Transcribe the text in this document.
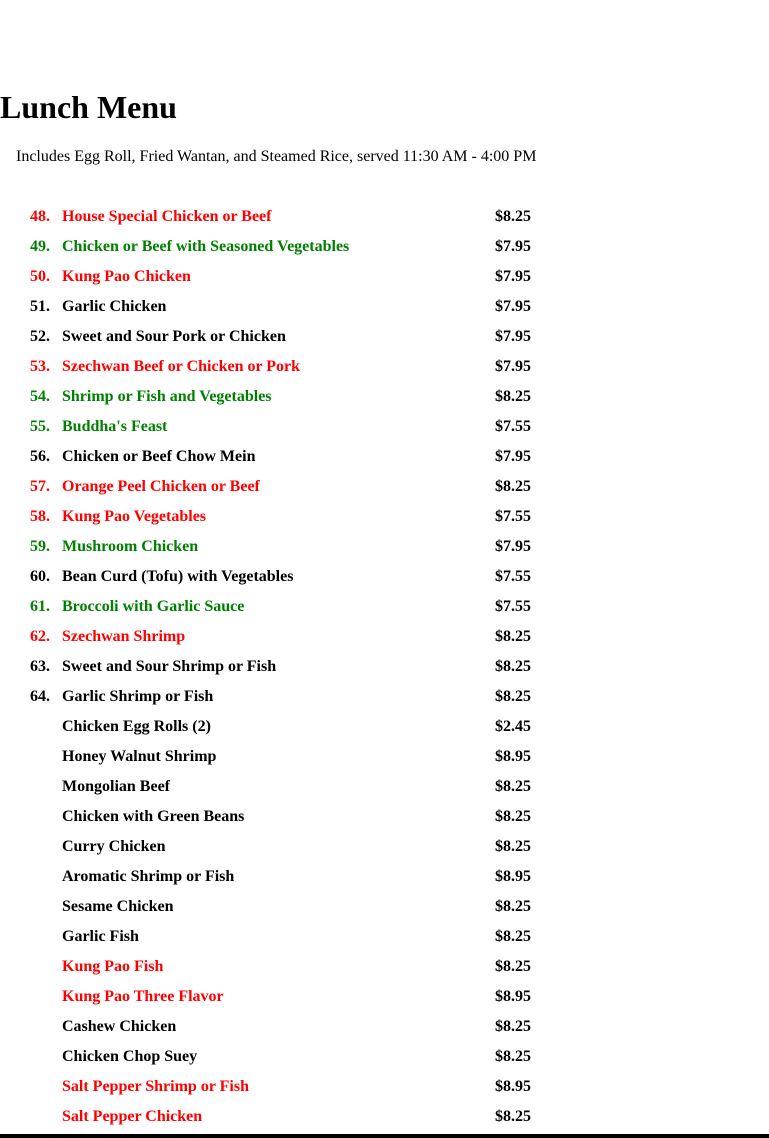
Lunch Menu

Includes Egg Roll, Fried Wantan, and Steamed Rice, served 11:30 AM - 4:00 PM

48. House Special Chicken or Beef	$8.25
49. Chicken or Beef with Seasoned Vegetables	$7.95
50. Kung Pao Chicken	$7.95
51. Garlic Chicken	$7.95
52. Sweet and Sour Pork or Chicken	$7.95
53. Szechwan Beef or Chicken or Pork	$7.95
54. Shrimp or Fish and Vegetables	$8.25
55. Buddha's Feast	$7.55
56. Chicken or Beef Chow Mein	$7.95
57. Orange Peel Chicken or Beef	$8.25
58. Kung Pao Vegetables	$7.55
59. Mushroom Chicken	$7.95
60. Bean Curd (Tofu) with Vegetables	$7.55
61. Broccoli with Garlic Sauce	$7.55
62. Szechwan Shrimp	$8.25
63. Sweet and Sour Shrimp or Fish	$8.25
64. Garlic Shrimp or Fish	$8.25
Chicken Egg Rolls (2)	$2.45
Honey Walnut Shrimp	$8.95
Mongolian Beef	$8.25
Chicken with Green Beans	$8.25
Curry Chicken	$8.25
Aromatic Shrimp or Fish	$8.95
Sesame Chicken	$8.25
Garlic Fish	$8.25
Kung Pao Fish	$8.25
Kung Pao Three Flavor	$8.95
Cashew Chicken	$8.25
Chicken Chop Suey	$8.25
Salt Pepper Shrimp or Fish	$8.95
Salt Pepper Chicken	$8.25
